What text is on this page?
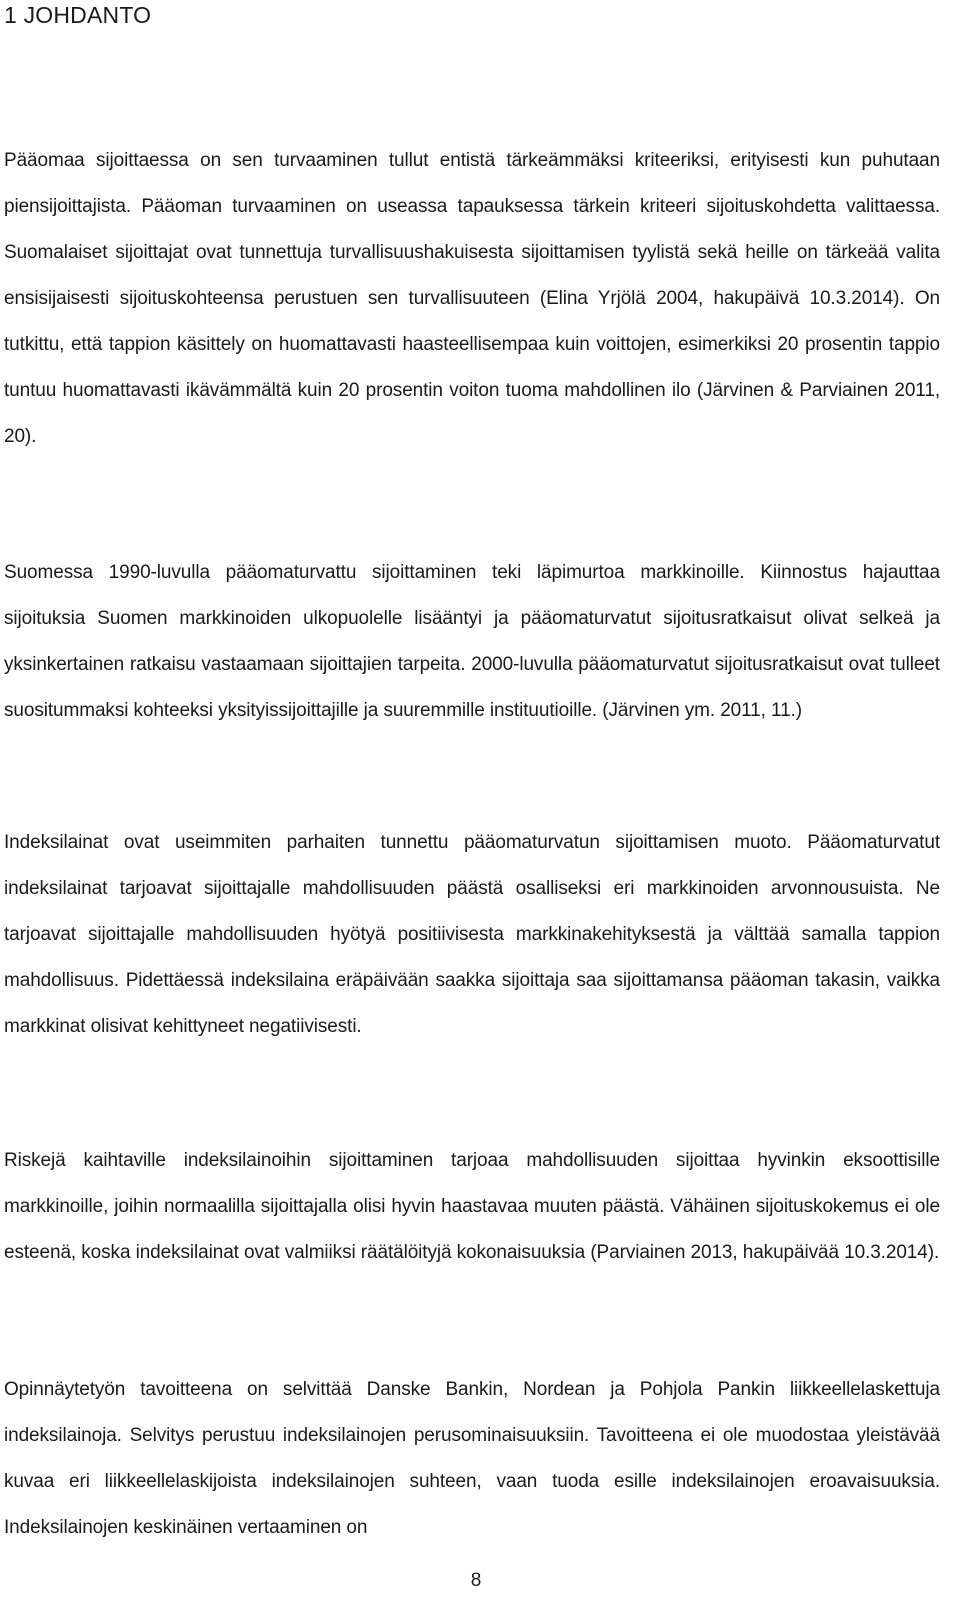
1 JOHDANTO

Pääomaa sijoittaessa on sen turvaaminen tullut entistä tärkeämmäksi kriteeriksi, erityisesti kun puhutaan piensijoittajista. Pääoman turvaaminen on useassa tapauksessa tärkein kriteeri sijoituskohdetta valittaessa. Suomalaiset sijoittajat ovat tunnettuja turvallisuushakuisesta sijoittamisen tyylistä sekä heille on tärkeää valita ensisijaisesti sijoituskohteensa perustuen sen turvallisuuteen (Elina Yrjölä 2004, hakupäivä 10.3.2014). On tutkittu, että tappion käsittely on huomattavasti haasteellisempaa kuin voittojen, esimerkiksi 20 prosentin tappio tuntuu huomattavasti ikävämmältä kuin 20 prosentin voiton tuoma mahdollinen ilo (Järvinen & Parviainen 2011, 20).

Suomessa 1990-luvulla pääomaturvattu sijoittaminen teki läpimurtoa markkinoille. Kiinnostus hajauttaa sijoituksia Suomen markkinoiden ulkopuolelle lisääntyi ja pääomaturvatut sijoitusratkaisut olivat selkeä ja yksinkertainen ratkaisu vastaamaan sijoittajien tarpeita. 2000-luvulla pääomaturvatut sijoitusratkaisut ovat tulleet suositummaksi kohteeksi yksityissijoittajille ja suuremmille instituutioille. (Järvinen ym. 2011, 11.)

Indeksilainat ovat useimmiten parhaiten tunnettu pääomaturvatun sijoittamisen muoto. Pääomaturvatut indeksilainat tarjoavat sijoittajalle mahdollisuuden päästä osalliseksi eri markkinoiden arvonnousuista. Ne tarjoavat sijoittajalle mahdollisuuden hyötyä positiivisesta markkinakehityksestä ja välttää samalla tappion mahdollisuus. Pidettäessä indeksilaina eräpäivään saakka sijoittaja saa sijoittamansa pääoman takasin, vaikka markkinat olisivat kehittyneet negatiivisesti.

Riskejä kaihtaville indeksilainoihin sijoittaminen tarjoaa mahdollisuuden sijoittaa hyvinkin eksoottisille markkinoille, joihin normaalilla sijoittajalla olisi hyvin haastavaa muuten päästä. Vähäinen sijoituskokemus ei ole esteenä, koska indeksilainat ovat valmiiksi räätälöityjä kokonaisuuksia (Parviainen 2013, hakupäivää 10.3.2014).

Opinnäytetyön tavoitteena on selvittää Danske Bankin, Nordean ja Pohjola Pankin liikkeellelaskettuja indeksilainoja. Selvitys perustuu indeksilainojen perusominaisuuksiin. Tavoitteena ei ole muodostaa yleistävää kuvaa eri liikkeellelaskijoista indeksilainojen suhteen, vaan tuoda esille indeksilainojen eroavaisuuksia. Indeksilainojen keskinäinen vertaaminen on

8
